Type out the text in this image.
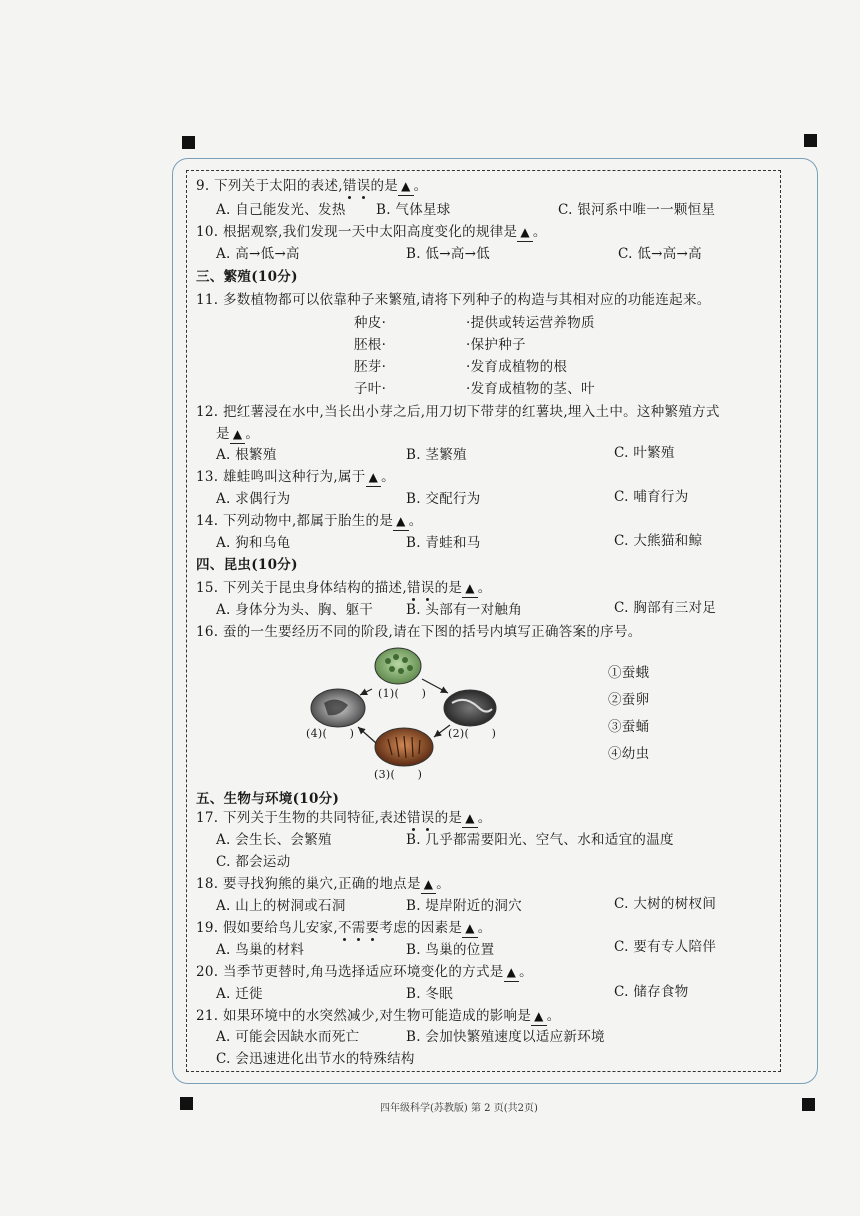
9. 下列关于太阳的表述,错误的是 ▲ 。
A. 自己能发光、发热 B. 气体星球	C. 银河系中唯一一颗恒星
10. 根据观察,我们发现一天中太阳高度变化的规律是 ▲ 。
A. 高→低→高	B. 低→高→低	C. 低→高→高
三、繁殖(10分)
11. 多数植物都可以依靠种子来繁殖,请将下列种子的构造与其相对应的功能连起来。
种皮·
胚根·
胚芽·
子叶·
·提供或转运营养物质
·保护种子
·发育成植物的根
·发育成植物的茎、叶
12. 把红薯浸在水中,当长出小芽之后,用刀切下带芽的红薯块,埋入土中。这种繁殖方式
是 ▲ 。
A. 根繁殖	B. 茎繁殖	C. 叶繁殖
13. 雄蛙鸣叫这种行为,属于 ▲ 。
A. 求偶行为	B. 交配行为	C. 哺育行为
14. 下列动物中,都属于胎生的是 ▲ 。
A. 狗和乌龟	B. 青蛙和马	C. 大熊猫和鲸
四、昆虫(10分)
15. 下列关于昆虫身体结构的描述,错误的是 ▲ 。
A. 身体分为头、胸、躯干 B. 头部有一对触角	C. 胸部有三对足
16. 蚕的一生要经历不同的阶段,请在下图的括号内填写正确答案的序号。
(1)(　　)
(2)(　　)
(3)(　　)
(4)(　　)
①蚕蛾
②蚕卵
③蚕蛹
④幼虫
五、生物与环境(10分)
17. 下列关于生物的共同特征,表述错误的是 ▲ 。
A. 会生长、会繁殖	B. 几乎都需要阳光、空气、水和适宜的温度
C. 都会运动
18. 要寻找狗熊的巢穴,正确的地点是 ▲ 。
A. 山上的树洞或石洞	B. 堤岸附近的洞穴	C. 大树的树杈间
19. 假如要给鸟儿安家,不需要考虑的因素是 ▲ 。
A. 鸟巢的材料	B. 鸟巢的位置	C. 要有专人陪伴
20. 当季节更替时,角马选择适应环境变化的方式是 ▲ 。
A. 迁徙	B. 冬眠	C. 储存食物
21. 如果环境中的水突然减少,对生物可能造成的影响是 ▲ 。
A. 可能会因缺水而死亡	B. 会加快繁殖速度以适应新环境
C. 会迅速进化出节水的特殊结构
四年级科学(苏教版) 第 2 页(共2页)
